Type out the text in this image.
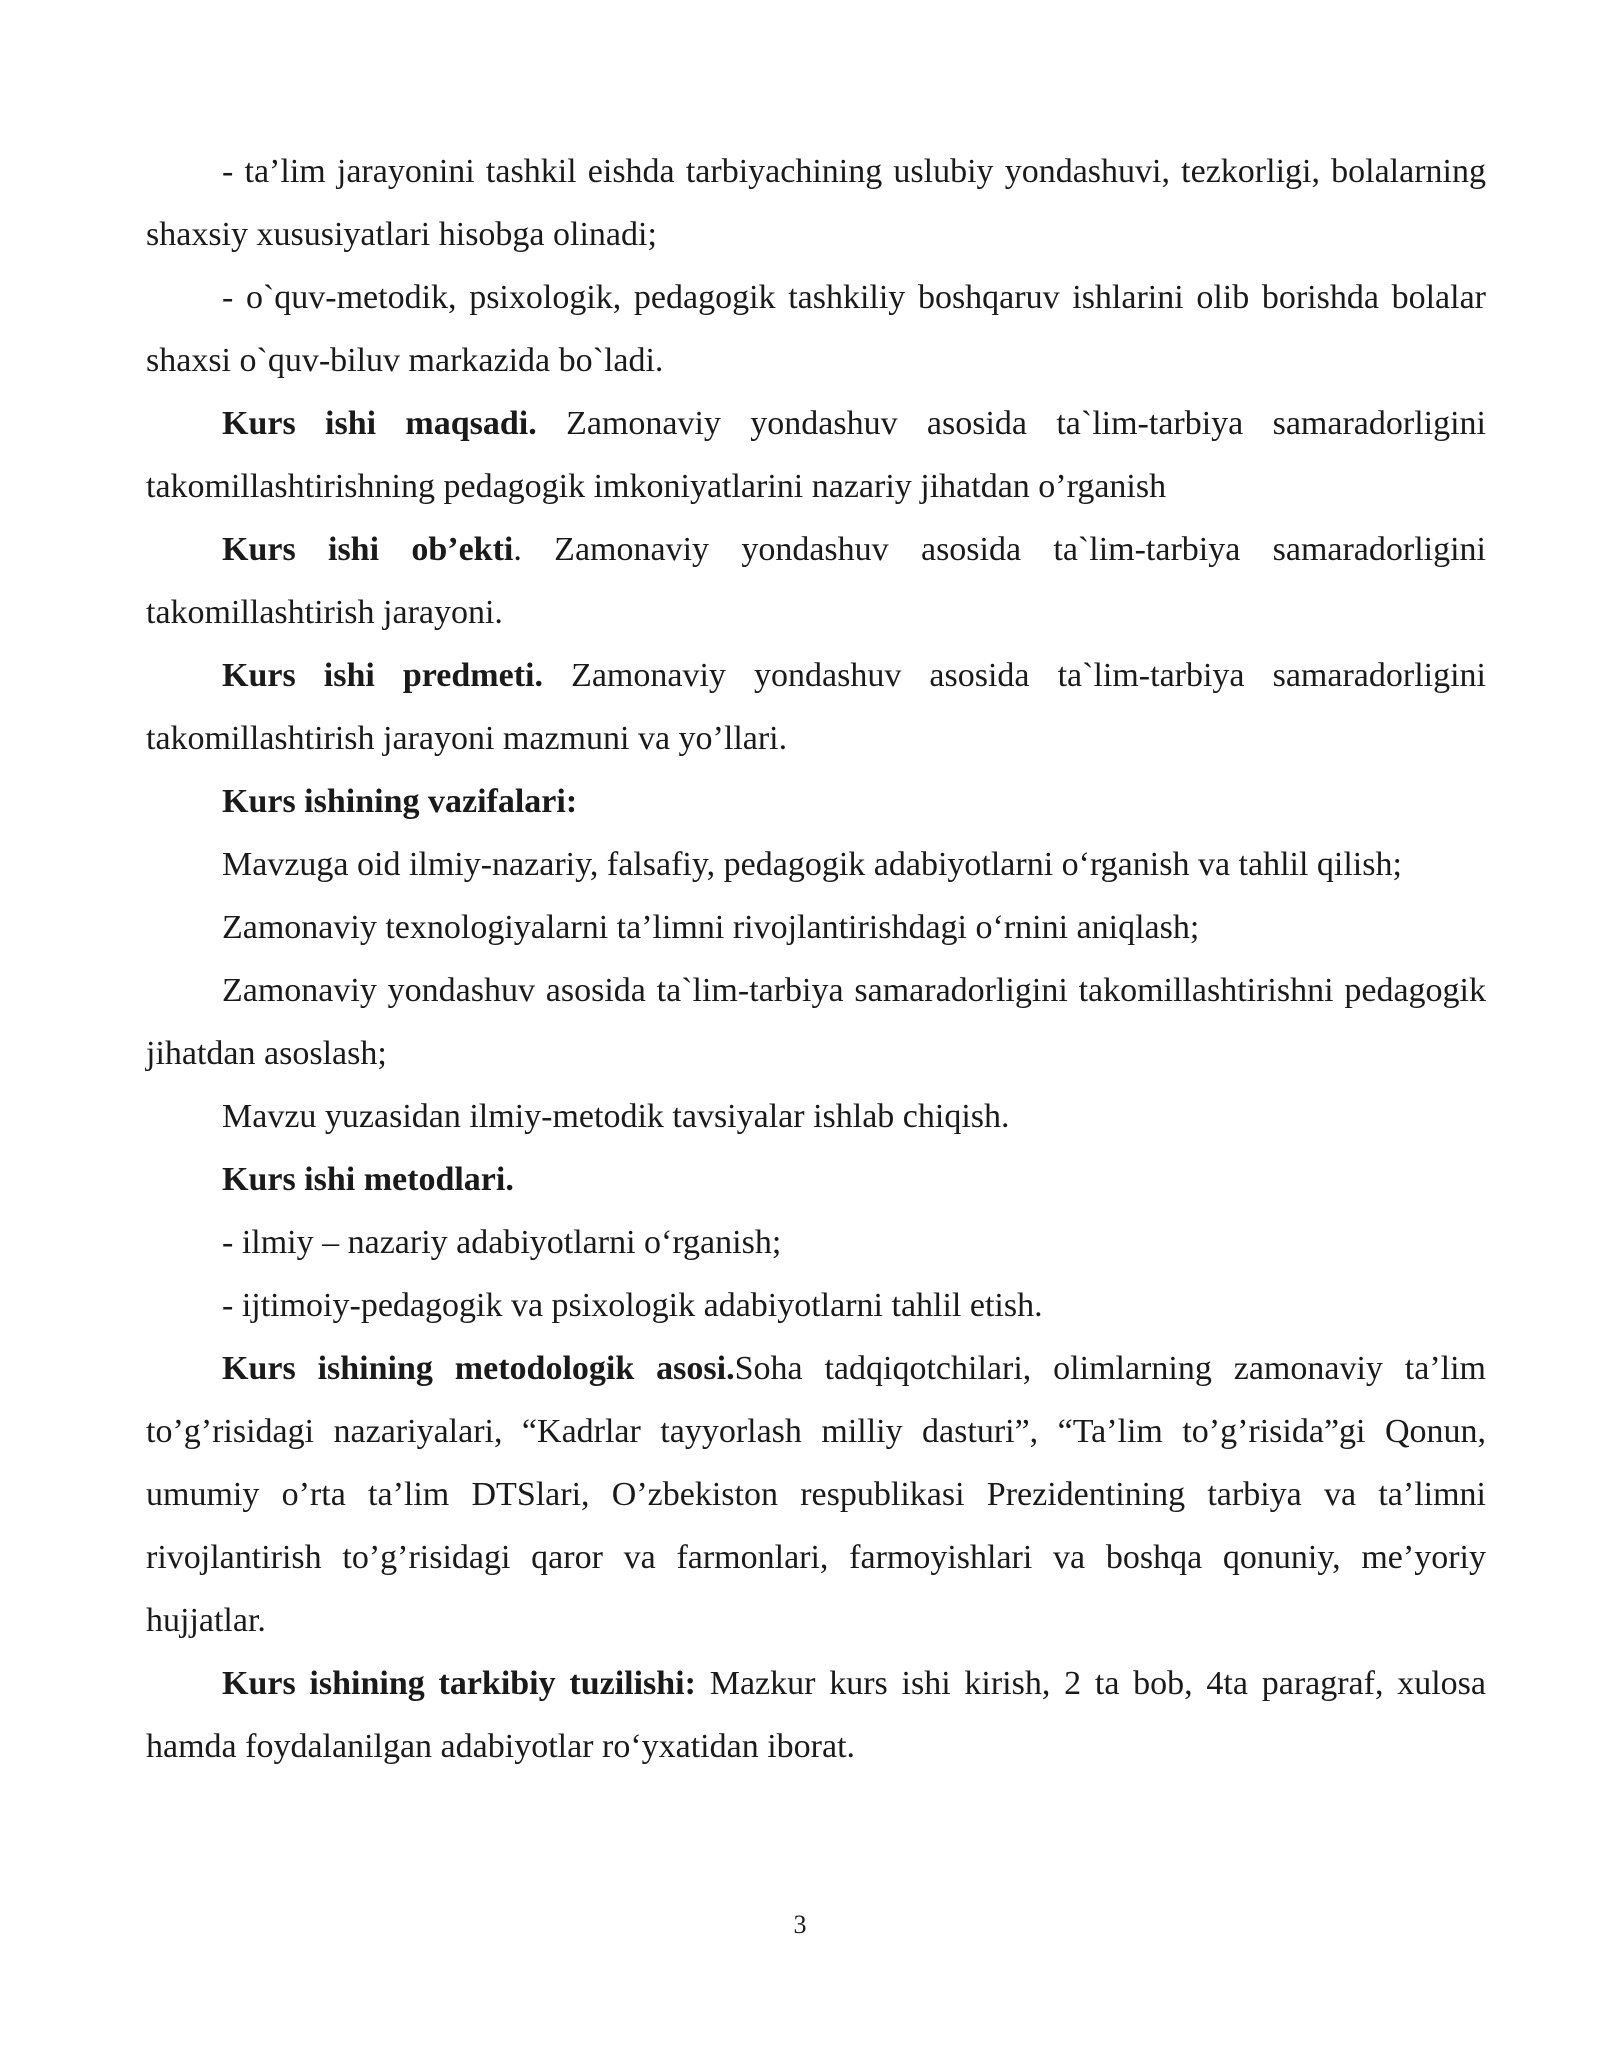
- ta’lim jarayonini tashkil eishda tarbiyachining uslubiy yondashuvi, tezkorligi, bolalarning shaxsiy xususiyatlari hisobga olinadi;

- o`quv-metodik, psixologik, pedagogik tashkiliy boshqaruv ishlarini olib borishda bolalar shaxsi o`quv-biluv markazida bo`ladi.

Kurs ishi maqsadi. Zamonaviy yondashuv asosida ta`lim-tarbiya samaradorligini takomillashtirishning pedagogik imkoniyatlarini nazariy jihatdan o’rganish

Kurs ishi ob’ekti. Zamonaviy yondashuv asosida ta`lim-tarbiya samaradorligini takomillashtirish jarayoni.

Kurs ishi predmeti. Zamonaviy yondashuv asosida ta`lim-tarbiya samaradorligini takomillashtirish jarayoni mazmuni va yo’llari.

Kurs ishining vazifalari:

Mavzuga oid ilmiy-nazariy, falsafiy, pedagogik adabiyotlarni o‘rganish va tahlil qilish;

Zamonaviy texnologiyalarni ta’limni rivojlantirishdagi o‘rnini aniqlash;

Zamonaviy yondashuv asosida ta`lim-tarbiya samaradorligini takomillashtirishni pedagogik jihatdan asoslash;

Mavzu yuzasidan ilmiy-metodik tavsiyalar ishlab chiqish.

Kurs ishi metodlari.

- ilmiy – nazariy adabiyotlarni o‘rganish;

- ijtimoiy-pedagogik va psixologik adabiyotlarni tahlil etish.

Kurs ishining metodologik asosi.Soha tadqiqotchilari, olimlarning zamonaviy ta’lim to’g’risidagi nazariyalari, “Kadrlar tayyorlash milliy dasturi”, “Ta’lim to’g’risida”gi Qonun, umumiy o’rta ta’lim DTSlari, O’zbekiston respublikasi Prezidentining tarbiya va ta’limni rivojlantirish to’g’risidagi qaror va farmonlari, farmoyishlari va boshqa qonuniy, me’yoriy hujjatlar.

Kurs ishining tarkibiy tuzilishi: Mazkur kurs ishi kirish, 2 ta bob, 4ta paragraf, xulosa hamda foydalanilgan adabiyotlar ro‘yxatidan iborat.

3
